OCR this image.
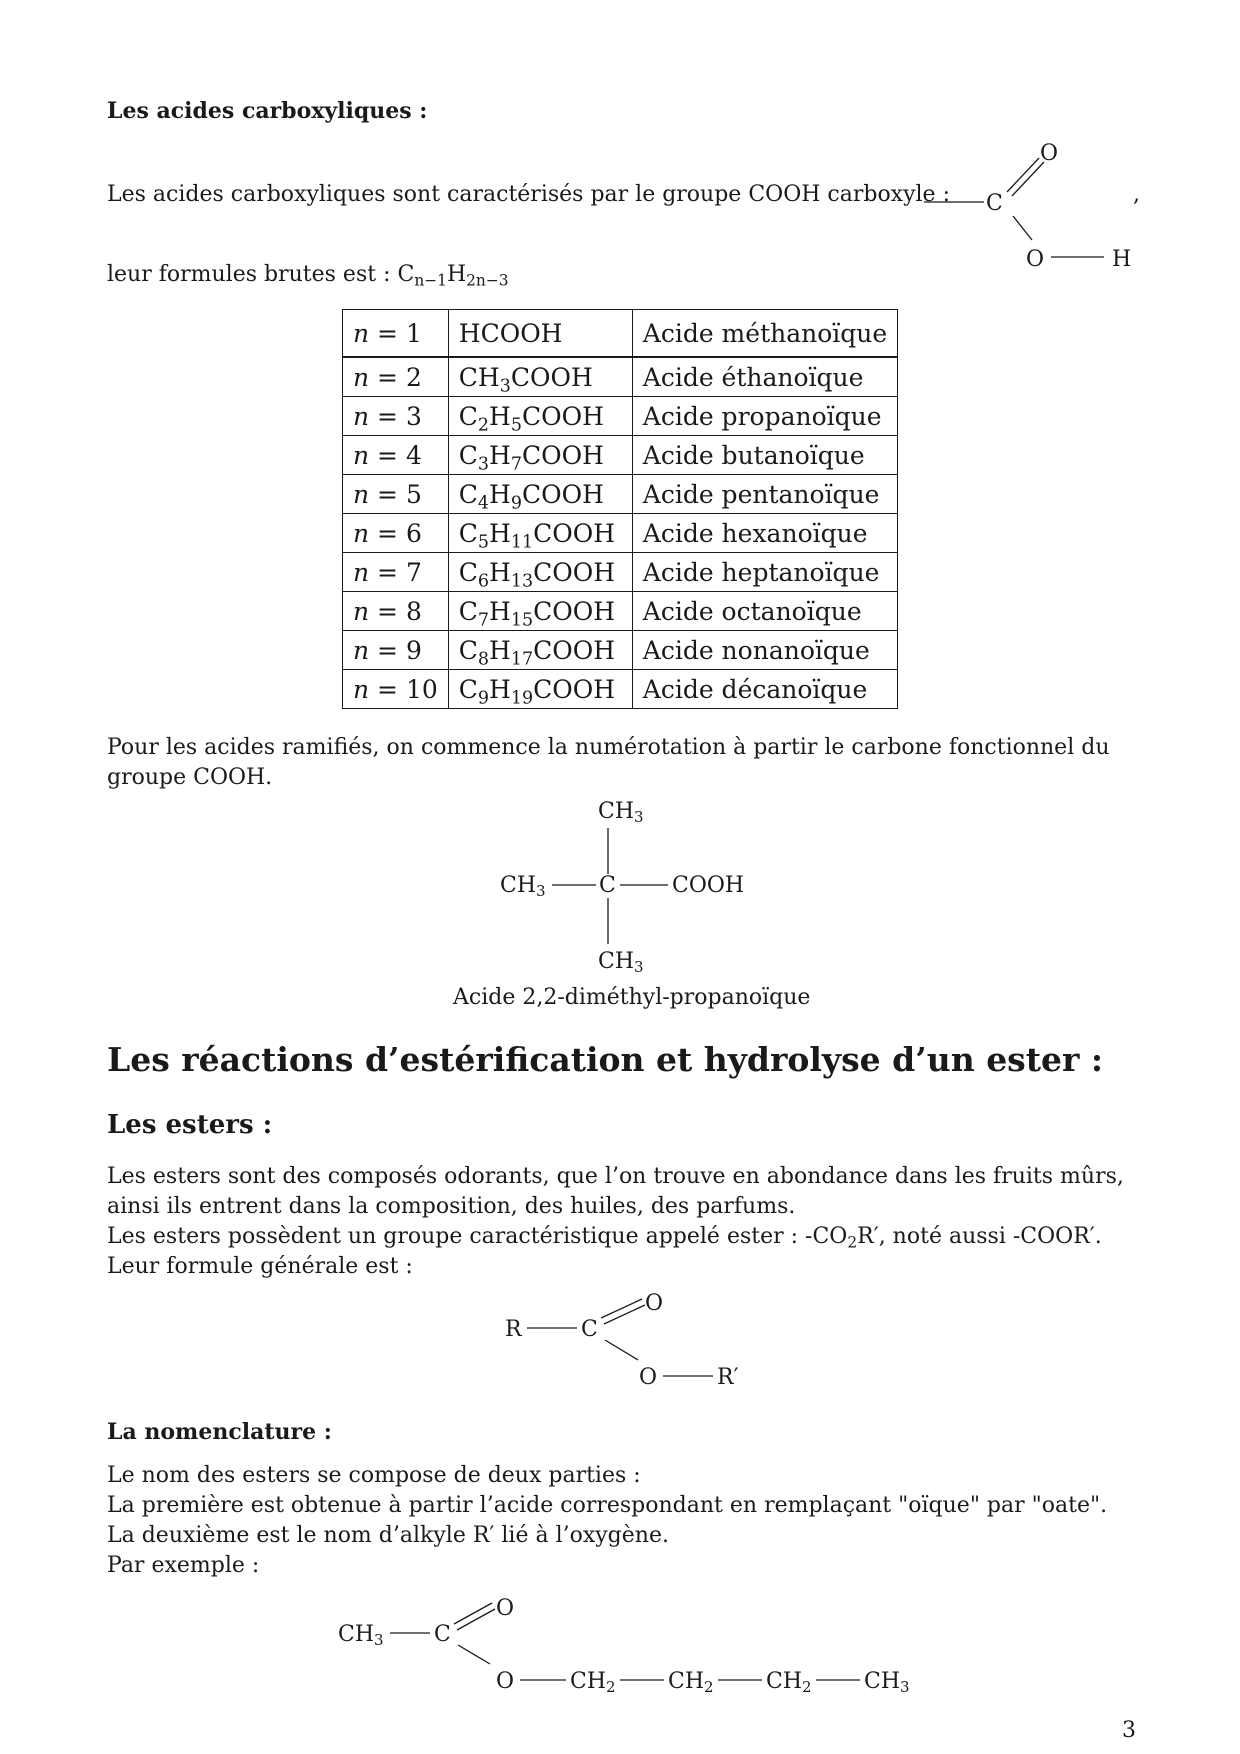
Les acides carboxyliques :
Les acides carboxyliques sont caractérisés par le groupe COOH carboxyle : C
O
O	H
,
leur formules brutes est : $C_{n-1}H_{2n-3}$
n = 1	HCOOH	Acide méthanoïque
n = 2	$CH_3COOH$	Acide éthanoïque
n = 3	$C_2H_5COOH$	Acide propanoïque
n = 4	$C_3H_7COOH$	Acide butanoïque
n = 5	$C_4H_9COOH$	Acide pentanoïque
n = 6	$C_5H_{11}COOH$	Acide hexanoïque
n = 7	$C_6H_{13}COOH$	Acide heptanoïque
n = 8	$C_7H_{15}COOH$	Acide octanoïque
n = 9	$C_8H_{17}COOH$	Acide nonanoïque
n = 10	$C_9H_{19}COOH$	Acide décanoïque
Pour les acides ramifiés, on commence la numérotation à partir le carbone fonctionnel du groupe COOH.
CH3
CH3 C	COOH
CH3
Acide 2,2-diméthyl-propanoïque
Les réactions d’estérification et hydrolyse d’un ester :
Les esters :
Les esters sont des composés odorants, que l’on trouve en abondance dans les fruits mûrs, ainsi ils entrent dans la composition, des huiles, des parfums.
Les esters possèdent un groupe caractéristique appelé ester : $-CO_2R'$, noté aussi -COOR′.
Leur formule générale est :
R	C
O
O	R′
La nomenclature :
Le nom des esters se compose de deux parties :
La première est obtenue à partir l’acide correspondant en remplaçant "oïque" par "oate".
La deuxième est le nom d’alkyle R′ lié à l’oxygène.
Par exemple :
CH3 C
O
O	CH2 CH2 CH2 CH3
3
